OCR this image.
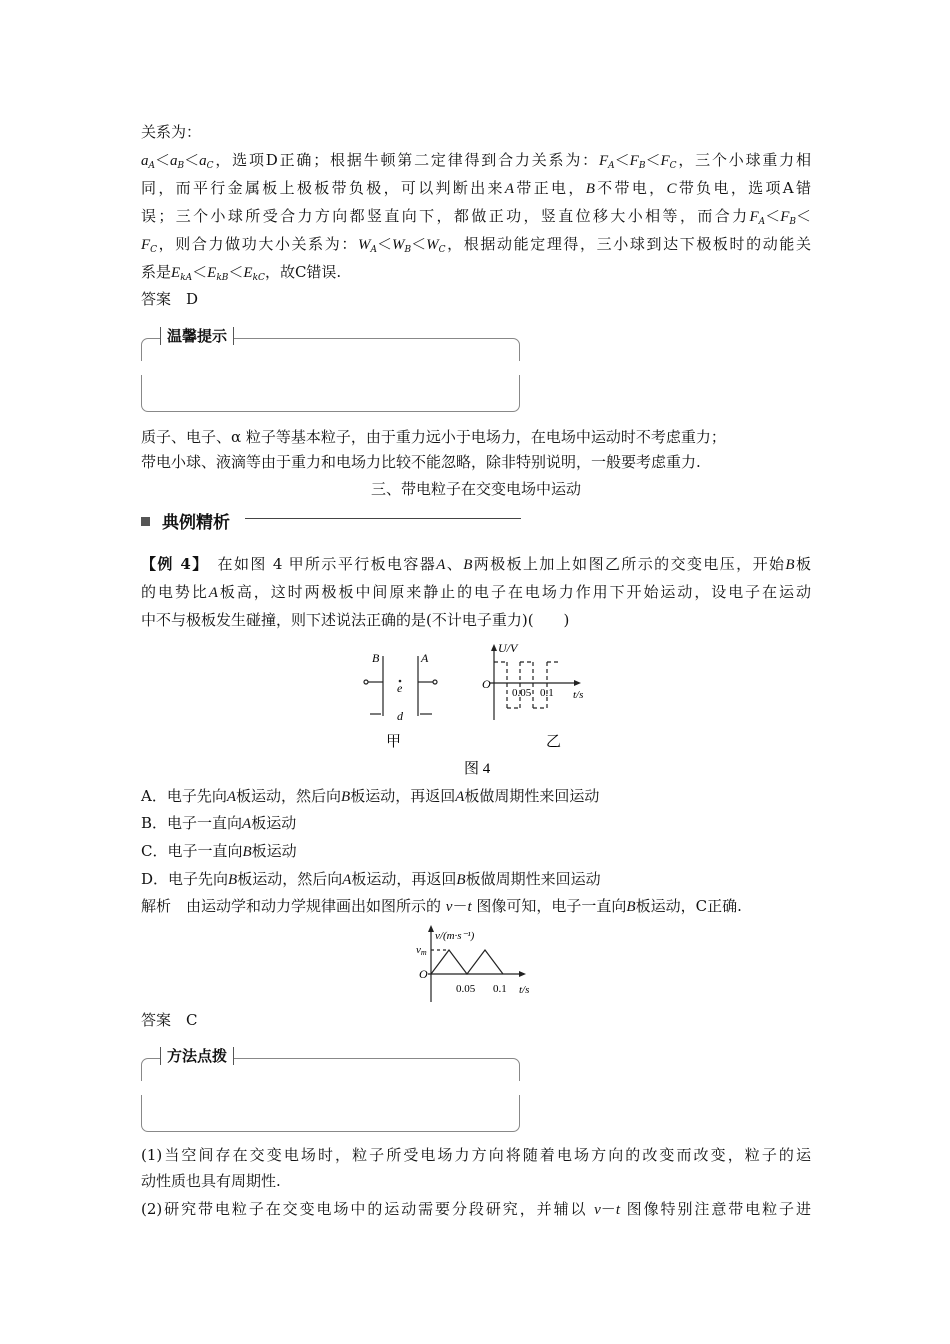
关系为：
$a_A<a_B<a_C$，选项D正确；根据牛顿第二定律得到合力关系为：$F_A<F_B<F_C$，三个小球重力相
同，而平行金属板上极板带负极，可以判断出来A带正电，B不带电，C带负电，选项A错
误；三个小球所受合力方向都竖直向下，都做正功，竖直位移大小相等，而合力$F_A<F_B<$
$F_C$，则合力做功大小关系为：$W_A<W_B<W_C$，根据动能定理得，三小球到达下极板时的动能关
系是$E_{kA}<E_{kB}<E_{kC}$，故C错误.
答案　D
温馨提示
质子、电子、α 粒子等基本粒子，由于重力远小于电场力，在电场中运动时不考虑重力；
带电小球、液滴等由于重力和电场力比较不能忽略，除非特别说明，一般要考虑重力.
三、带电粒子在交变电场中运动
典例精析
【例 4】　在如图 4 甲所示平行板电容器A、B两极板上加上如图乙所示的交变电压，开始B板
的电势比A板高，这时两极板中间原来静止的电子在电场力作用下开始运动，设电子在运动
中不与极板发生碰撞，则下述说法正确的是(不计电子重力)(　　)
B	A
e
d
U/V
O
0.05 0.1 t/s
甲	乙
图 4
A．电子先向A板运动，然后向B板运动，再返回A板做周期性来回运动
B．电子一直向A板运动
C．电子一直向B板运动
D．电子先向B板运动，然后向A板运动，再返回B板做周期性来回运动
解析　由运动学和动力学规律画出如图所示的 v－t 图像可知，电子一直向B板运动，C正确.
v/(m·s⁻¹)
vm
O
0.05 0.1 t/s
答案　C
方法点拨
(1)当空间存在交变电场时，粒子所受电场力方向将随着电场方向的改变而改变，粒子的运
动性质也具有周期性.
(2)研究带电粒子在交变电场中的运动需要分段研究，并辅以 v－t 图像特别注意带电粒子进
